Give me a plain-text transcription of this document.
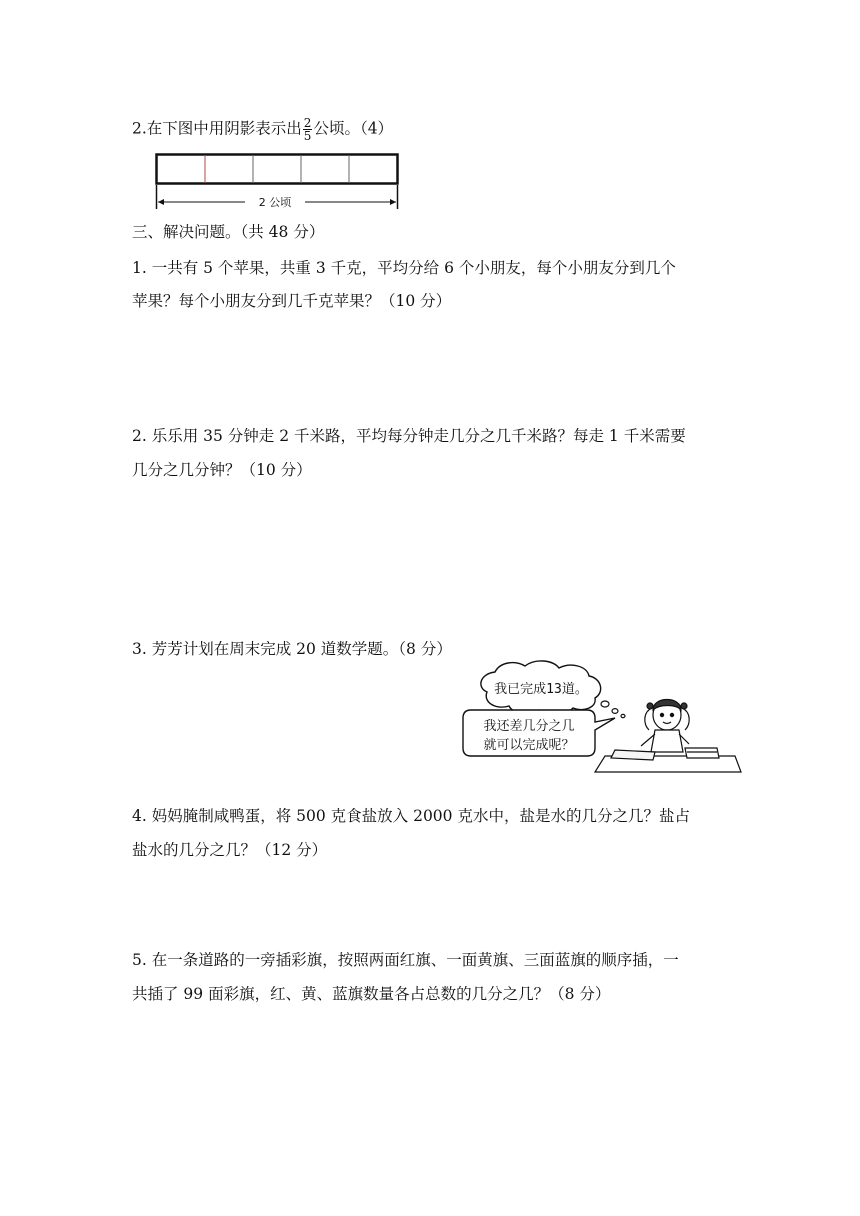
2.在下图中用阴影表示出 $\frac{2}{5}$ 公顷。（4）
2 公顷
三、解决问题。（共 48 分）
1. 一共有 5 个苹果，共重 3 千克，平均分给 6 个小朋友，每个小朋友分到几个
苹果？每个小朋友分到几千克苹果？（10 分）
2. 乐乐用 35 分钟走 2 千米路，平均每分钟走几分之几千米路？每走 1 千米需要
几分之几分钟？（10 分）
3. 芳芳计划在周末完成 20 道数学题。（8 分）
我已完成13道。
我还差几分之几
就可以完成呢？
4. 妈妈腌制咸鸭蛋，将 500 克食盐放入 2000 克水中，盐是水的几分之几？盐占
盐水的几分之几？（12 分）
5. 在一条道路的一旁插彩旗，按照两面红旗、一面黄旗、三面蓝旗的顺序插，一
共插了 99 面彩旗，红、黄、蓝旗数量各占总数的几分之几？（8 分）
